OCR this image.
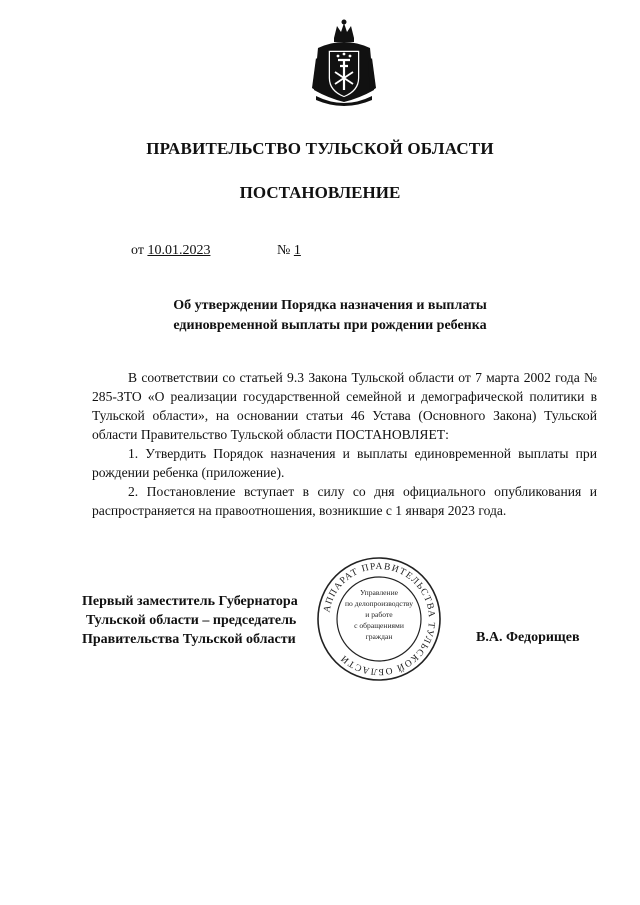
ПРАВИТЕЛЬСТВО ТУЛЬСКОЙ ОБЛАСТИ
ПОСТАНОВЛЕНИЕ
от 10.01.2023	№ 1
Об утверждении Порядка назначения и выплаты
единовременной выплаты при рождении ребенка

В соответствии со статьей 9.3 Закона Тульской области от 7 марта 2002 года № 285-ЗТО «О реализации государственной семейной и демографической политики в Тульской области», на основании статьи 46 Устава (Основного Закона) Тульской области Правительство Тульской области ПОСТАНОВЛЯЕТ:

1. Утвердить Порядок назначения и выплаты единовременной выплаты при рождении ребенка (приложение).

2. Постановление вступает в силу со дня официального опубликования и распространяется на правоотношения, возникшие с 1 января 2023 года.

Первый заместитель Губернатора
Тульской области – председатель
Правительства Тульской области	В.А. Федорищев
АППАРАТ ПРАВИТЕЛЬСТВА ТУЛЬСКОЙ ОБЛАСТИ
Управление
по делопроизводству
и работе
с обращениями
граждан
